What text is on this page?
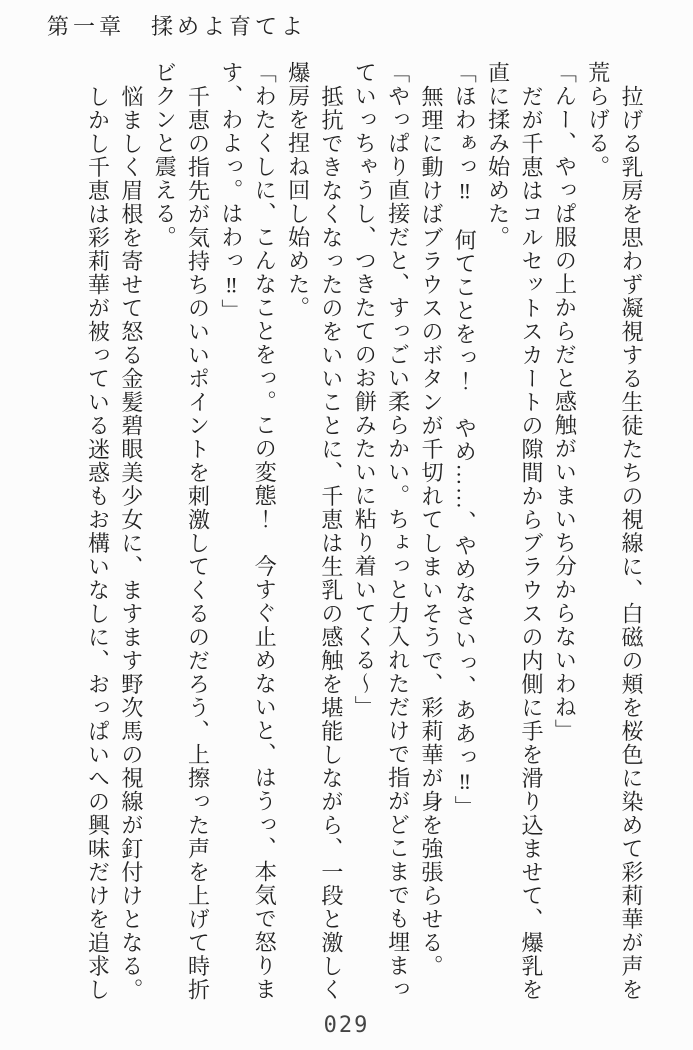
第一章　揉めよ育てよ

拉げる乳房を思わず凝視する生徒たちの視線に、白磁の頬を桜色に染めて彩莉華が声を荒らげる。

「んー、やっぱ服の上からだと感触がいまいち分からないわね」

だが千恵はコルセットスカートの隙間からブラウスの内側に手を滑り込ませて、爆乳を直に揉み始めた。

「ほわぁっ‼　何てことをっ！　やめ……、やめなさいっ、ああっ‼」

無理に動けばブラウスのボタンが千切れてしまいそうで、彩莉華が身を強張らせる。

「やっぱり直接だと、すっごい柔らかい。ちょっと力入れただけで指がどこまでも埋まっていっちゃうし、つきたてのお餅みたいに粘り着いてくる〜」

抵抗できなくなったのをいいことに、千恵は生乳の感触を堪能しながら、一段と激しく爆房を捏ね回し始めた。

「わたくしに、こんなことをっ。この変態！　今すぐ止めないと、はうっ、本気で怒ります、わよっ。はわっ‼」

千恵の指先が気持ちのいいポイントを刺激してくるのだろう、上擦った声を上げて時折ビクンと震える。

悩ましく眉根を寄せて怒る金髪碧眼美少女に、ますます野次馬の視線が釘付けとなる。

しかし千恵は彩莉華が被っている迷惑もお構いなしに、おっぱいへの興味だけを追求し

029
